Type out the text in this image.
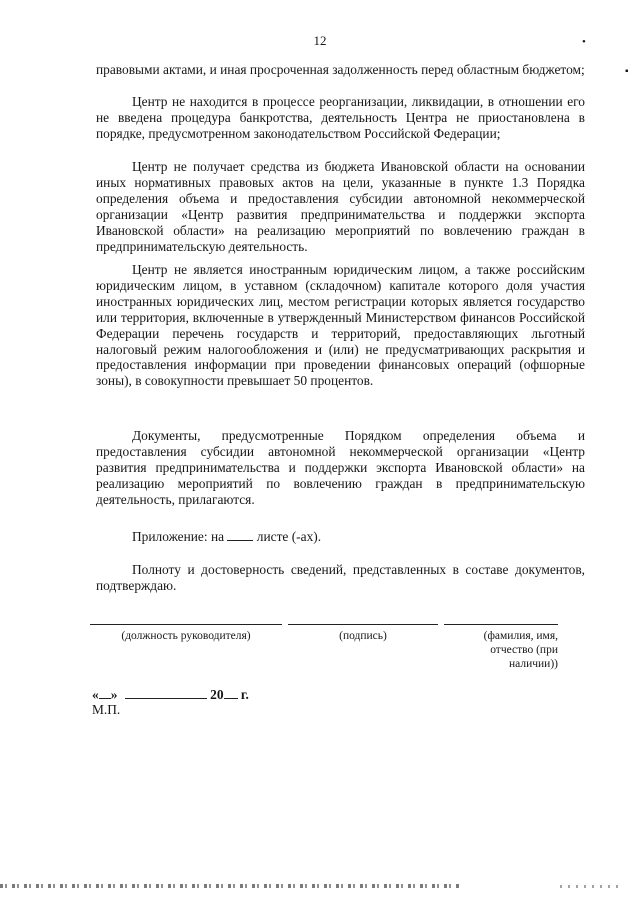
12	•
▪

правовыми актами, и иная просроченная задолженность перед областным бюджетом;

Центр не находится в процессе реорганизации, ликвидации, в отношении его не введена процедура банкротства, деятельность Центра не приостановлена в порядке, предусмотренном законодательством Российской Федерации;

Центр не получает средства из бюджета Ивановской области на основании иных нормативных правовых актов на цели, указанные в пункте 1.3 Порядка определения объема и предоставления субсидии автономной некоммерческой организации «Центр развития предпринимательства и поддержки экспорта Ивановской области» на реализацию мероприятий по вовлечению граждан в предпринимательскую деятельность.

Центр не является иностранным юридическим лицом, а также российским юридическим лицом, в уставном (складочном) капитале которого доля участия иностранных юридических лиц, местом регистрации которых является государство или территория, включенные в утвержденный Министерством финансов Российской Федерации перечень государств и территорий, предоставляющих льготный налоговый режим налогообложения и (или) не предусматривающих раскрытия и предоставления информации при проведении финансовых операций (офшорные зоны), в совокупности превышает 50 процентов.

Документы, предусмотренные Порядком определения объема и предоставления субсидии автономной некоммерческой организации «Центр развития предпринимательства и поддержки экспорта Ивановской области» на реализацию мероприятий по вовлечению граждан в предпринимательскую деятельность, прилагаются.

Приложение: на листе (-ах).

Полноту и достоверность сведений, представленных в составе документов, подтверждаю.

(должность руководителя)	(подпись)	(фамилия, имя, отчество (при наличии))
« »	20 г.
М.П.
